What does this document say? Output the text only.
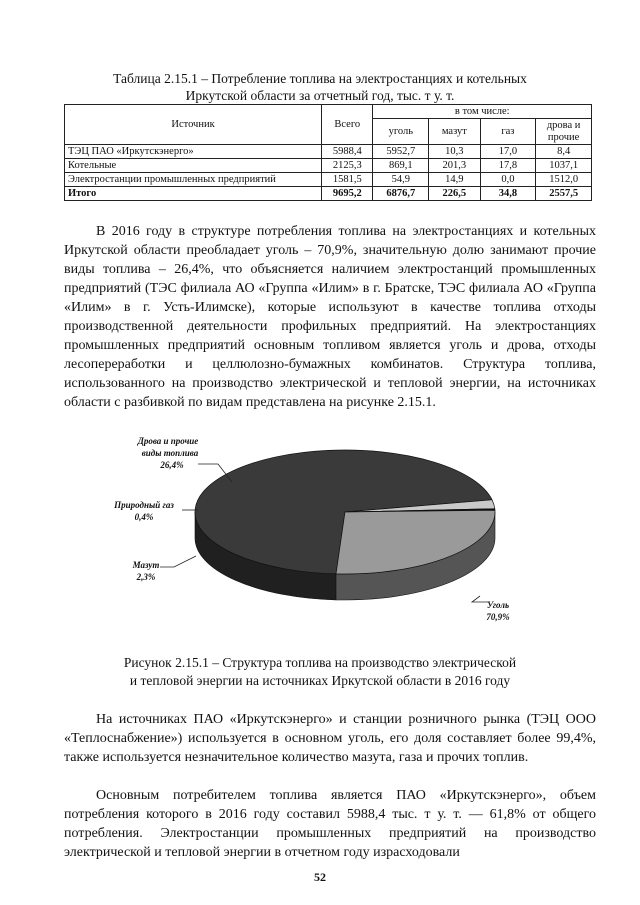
Таблица 2.15.1 – Потребление топлива на электростанциях и котельных
Иркутской области за отчетный год, тыс. т у. т.
Источник	Всего	в том числе:			
		уголь	мазут	газ	дрова и прочие
ТЭЦ ПАО «Иркутскэнерго»	5988,4	5952,7	10,3	17,0	8,4
Котельные	2125,3	869,1	201,3	17,8	1037,1
Электростанции промышленных предприятий	1581,5	54,9	14,9	0,0	1512,0
Итого	9695,2	6876,7	226,5	34,8	2557,5

В 2016 году в структуре потребления топлива на электростанциях и котельных Иркутской области преобладает уголь – 70,9%, значительную долю занимают прочие виды топлива – 26,4%, что объясняется наличием электростанций промышленных предприятий (ТЭС филиала АО «Группа «Илим» в г. Братске, ТЭС филиала АО «Группа «Илим» в г. Усть-Илимске), которые используют в качестве топлива отходы производственной деятельности профильных предприятий. На электростанциях промышленных предприятий основным топливом является уголь и дрова, отходы лесопереработки и целлюлозно-бумажных комбинатов. Структура топлива, использованного на производство электрической и тепловой энергии, на источниках области с разбивкой по видам представлена на рисунке 2.15.1.

Дрова и прочие
виды топлива
26,4%
Природный газ
0,4%
Мазут
2,3%
Уголь
70,9%
Рисунок 2.15.1 – Структура топлива на производство электрической
и тепловой энергии на источниках Иркутской области в 2016 году

На источниках ПАО «Иркутскэнерго» и станции розничного рынка (ТЭЦ ООО «Теплоснабжение») используется в основном уголь, его доля составляет более 99,4%, также используется незначительное количество мазута, газа и прочих топлив.

Основным потребителем топлива является ПАО «Иркутскэнерго», объем потребления которого в 2016 году составил 5988,4 тыс. т у. т. — 61,8% от общего потребления. Электростанции промышленных предприятий на производство электрической и тепловой энергии в отчетном году израсходовали

52
